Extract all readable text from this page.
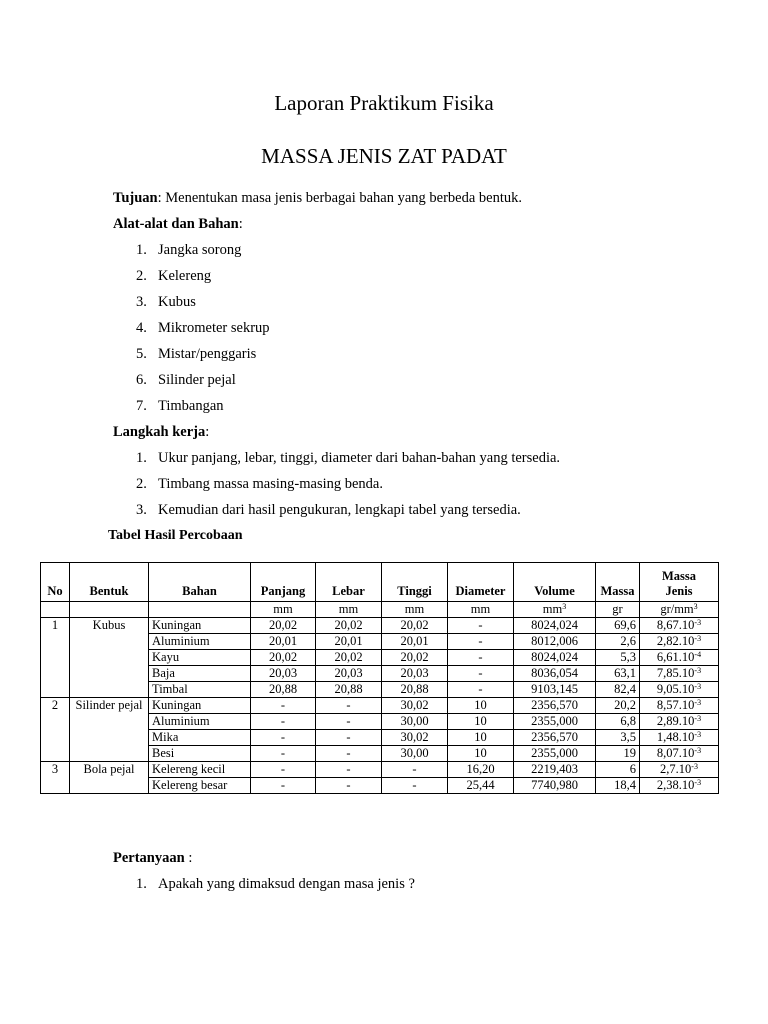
Laporan Praktikum Fisika
MASSA JENIS ZAT PADAT
Tujuan: Menentukan masa jenis berbagai bahan yang berbeda bentuk.
Alat-alat dan Bahan:
1. Jangka sorong
2. Kelereng
3. Kubus
4. Mikrometer sekrup
5. Mistar/penggaris
6. Silinder pejal
7. Timbangan
Langkah kerja:
1. Ukur panjang, lebar, tinggi, diameter dari bahan-bahan yang tersedia.
2. Timbang massa masing-masing benda.
3. Kemudian dari hasil pengukuran, lengkapi tabel yang tersedia.
Tabel Hasil Percobaan
No	Bentuk	Bahan	Panjang	Lebar	Tinggi	Diameter	Volume	Massa	Massa
Jenis
			mm	mm	mm	mm	$mm^3$	gr	$gr/mm^3$
1	Kubus	Kuningan	20,02	20,02	20,02	-	8024,024	69,6	$8,67.10^{-3}$
		Aluminium	20,01	20,01	20,01	-	8012,006	2,6	$2,82.10^{-3}$
		Kayu	20,02	20,02	20,02	-	8024,024	5,3	$6,61.10^{-4}$
		Baja	20,03	20,03	20,03	-	8036,054	63,1	$7,85.10^{-3}$
		Timbal	20,88	20,88	20,88	-	9103,145	82,4	$9,05.10^{-3}$
2	Silinder pejal	Kuningan	-	-	30,02	10	2356,570	20,2	$8,57.10^{-3}$
		Aluminium	-	-	30,00	10	2355,000	6,8	$2,89.10^{-3}$
		Mika	-	-	30,02	10	2356,570	3,5	$1,48.10^{-3}$
		Besi	-	-	30,00	10	2355,000	19	$8,07.10^{-3}$
3	Bola pejal	Kelereng kecil	-	-	-	16,20	2219,403	6	$2,7.10^{-3}$
		Kelereng besar	-	-	-	25,44	7740,980	18,4	$2,38.10^{-3}$
Pertanyaan :
1. Apakah yang dimaksud dengan masa jenis ?
